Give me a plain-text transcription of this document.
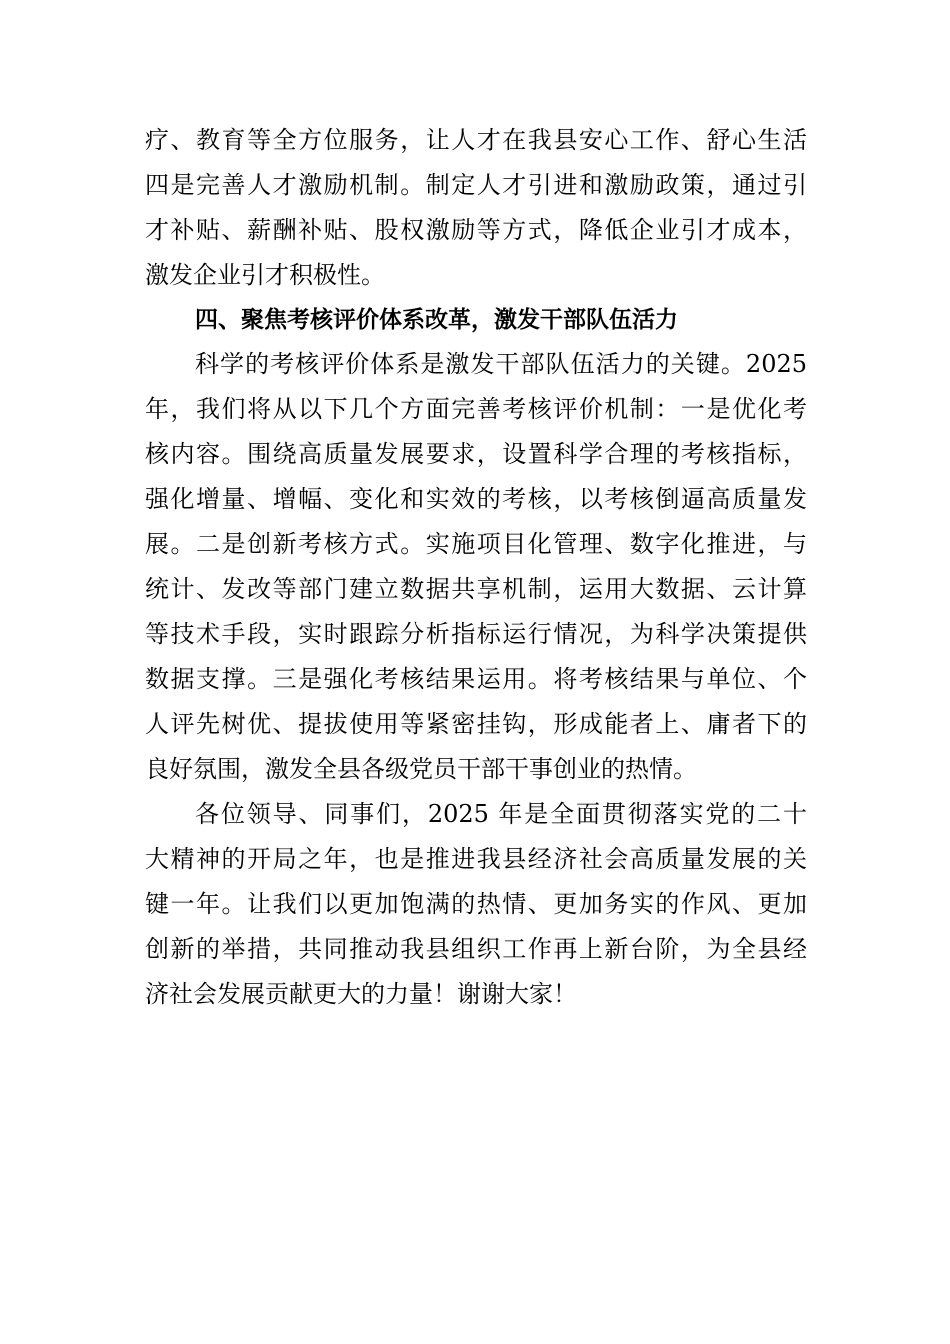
疗、教育等全方位服务，让人才在我县安心工作、舒心生活
四是完善人才激励机制。制定人才引进和激励政策，通过引
才补贴、薪酬补贴、股权激励等方式，降低企业引才成本，
激发企业引才积极性。
四、聚焦考核评价体系改革，激发干部队伍活力
科学的考核评价体系是激发干部队伍活力的关键。2025
年，我们将从以下几个方面完善考核评价机制：一是优化考
核内容。围绕高质量发展要求，设置科学合理的考核指标，
强化增量、增幅、变化和实效的考核，以考核倒逼高质量发
展。二是创新考核方式。实施项目化管理、数字化推进，与
统计、发改等部门建立数据共享机制，运用大数据、云计算
等技术手段，实时跟踪分析指标运行情况，为科学决策提供
数据支撑。三是强化考核结果运用。将考核结果与单位、个
人评先树优、提拔使用等紧密挂钩，形成能者上、庸者下的
良好氛围，激发全县各级党员干部干事创业的热情。
各位领导、同事们，2025 年是全面贯彻落实党的二十
大精神的开局之年，也是推进我县经济社会高质量发展的关
键一年。让我们以更加饱满的热情、更加务实的作风、更加
创新的举措，共同推动我县组织工作再上新台阶，为全县经
济社会发展贡献更大的力量！谢谢大家！
